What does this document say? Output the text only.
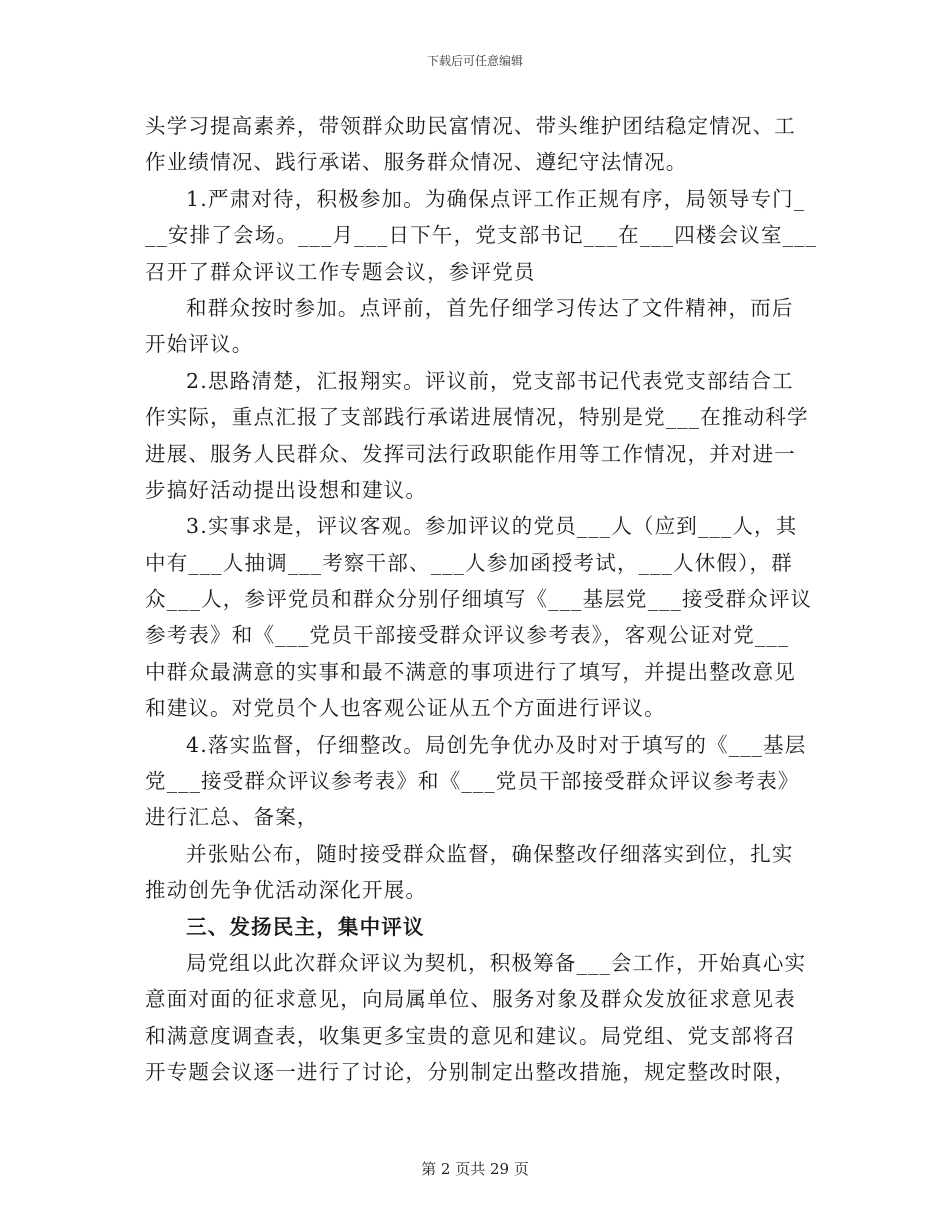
下载后可任意编辑
头学习提高素养，带领群众助民富情况、带头维护团结稳定情况、工
作业绩情况、践行承诺、服务群众情况、遵纪守法情况。
1.严肃对待，积极参加。为确保点评工作正规有序，局领导专门_
__安排了会场。___月___日下午，党支部书记___在___四楼会议室___
召开了群众评议工作专题会议，参评党员
和群众按时参加。点评前，首先仔细学习传达了文件精神，而后
开始评议。
2.思路清楚，汇报翔实。评议前，党支部书记代表党支部结合工
作实际，重点汇报了支部践行承诺进展情况，特别是党___在推动科学
进展、服务人民群众、发挥司法行政职能作用等工作情况，并对进一
步搞好活动提出设想和建议。
3.实事求是，评议客观。参加评议的党员___人（应到___人，其
中有___人抽调___考察干部、___人参加函授考试，___人休假），群
众___人，参评党员和群众分别仔细填写《___基层党___接受群众评议
参考表》和《___党员干部接受群众评议参考表》，客观公证对党___
中群众最满意的实事和最不满意的事项进行了填写，并提出整改意见
和建议。对党员个人也客观公证从五个方面进行评议。
4.落实监督，仔细整改。局创先争优办及时对于填写的《___基层
党___接受群众评议参考表》和《___党员干部接受群众评议参考表》
进行汇总、备案，
并张贴公布，随时接受群众监督，确保整改仔细落实到位，扎实
推动创先争优活动深化开展。
三、发扬民主，集中评议
局党组以此次群众评议为契机，积极筹备___会工作，开始真心实
意面对面的征求意见，向局属单位、服务对象及群众发放征求意见表
和满意度调查表，收集更多宝贵的意见和建议。局党组、党支部将召
开专题会议逐一进行了讨论，分别制定出整改措施，规定整改时限，
第 2 页共 29 页
